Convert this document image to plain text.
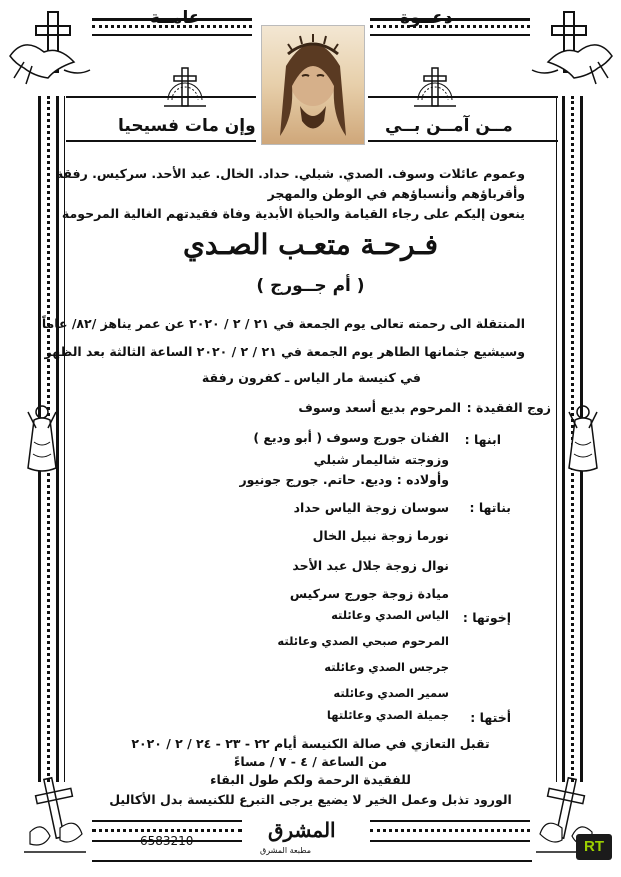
دعــوة
عامــة
مــن آمــن بــي
وإن مات فسيحيا
وعموم عائلات وسوف. الصدي. شبلي. حداد. الخال. عبد الأحد. سركيس. رفقة
وأقرباؤهم وأنسباؤهم في الوطن والمهجر
ينعون إليكم على رجاء القيامة والحياة الأبدية وفاة فقيدتهم الغالية المرحومة
فـرحـة متعـب الصـدي
( أم جــورج )
المنتقلة الى رحمته تعالى يوم الجمعة في ٢١ / ٢ / ٢٠٢٠ عن عمر يناهز /٨٢/ عاماً
وسيشيع جثمانها الطاهر يوم الجمعة في ٢١ / ٢ / ٢٠٢٠ الساعة الثالثة بعد الظهر
في كنيسة مار الياس ـ كفرون رفقة
زوج الفقيدة :
المرحوم بديع أسعد وسوف
ابنها :
الفنان جورج وسوف ( أبو وديع )
وزوجته شاليمار شبلي
وأولاده : وديع. حاتم. جورج جونيور
بناتها :
سوسان زوجة الياس حداد
نورما زوجة نبيل الخال
نوال زوجة جلال عبد الأحد
ميادة زوجة جورج سركيس
إخوتها :
الياس الصدي وعائلته
المرحوم صبحي الصدي وعائلته
جرجس الصدي وعائلته
سمير الصدي وعائلته
أختها :
جميلة الصدي وعائلتها
تقبل التعازي في صالة الكنيسة أيام ٢٢ - ٢٣ - ٢٤ / ٢ / ٢٠٢٠
من الساعة / ٤ - ٧ / مساءً
للفقيدة الرحمة ولكم طول البقاء
الورود تذبل وعمل الخير لا يضيع يرجى التبرع للكنيسة بدل الأكاليل
6583210	المشرق
مطبعة المشرق	RT
